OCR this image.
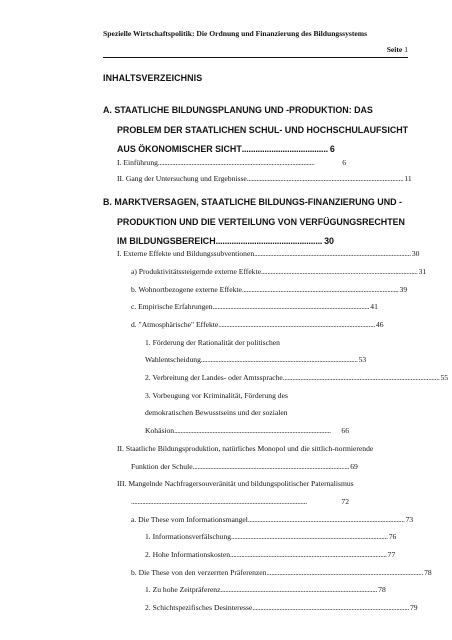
Spezielle Wirtschaftspolitik: Die Ordnung und Finanzierung des Bildungssystems
Seite 1
INHALTSVERZEICHNIS
A. STAATLICHE BILDUNGSPLANUNG UND -PRODUKTION: DAS
PROBLEM DER STAATLICHEN SCHUL- UND HOCHSCHULAUFSICHT
AUS ÖKONOMISCHER SICHT ...................................... 6
B. MARKTVERSAGEN, STAATLICHE BILDUNGS-FINANZIERUNG UND -
PRODUKTION UND DIE VERTEILUNG VON VERFÜGUNGSRECHTEN
IM BILDUNGSBEREICH ............................................... 30
I. Einführung ..................................................................................................	6
II. Gang der Untersuchung und Ergebnisse .................................................................................................. 11
I. Externe Effekte und Bildungssubventionen .................................................................................................. 30
a) Produktivitätssteigernde externe Effekte .................................................................................................. 31
b. Wohnortbezogene externe Effekte .................................................................................................. 39
c. Empirische Erfahrungen .................................................................................................. 41
d. "Atmosphärische" Effekte .................................................................................................. 46
1. Förderung der Rationalität der politischen
Wahlentscheidung .................................................................................................. 53
2. Verbreitung der Landes- oder Amtssprache .................................................................................................. 55
3. Vorbeugung vor Kriminalität, Förderung des
demokratischen Bewusstseins und der sozialen
Kohäsion ..................................................................................................	66
II. Staatliche Bildungsproduktion, natürliches Monopol und die sittlich-normierende
Funktion der Schule .................................................................................................. 69
III. Mangelnde Nachfragersouveränität und bildungspolitischer Paternalismus
..............................................................................................................	72
a. Die These vom Informationsmangel .................................................................................................. 73
1. Informationsverfälschung .................................................................................................. 76
2. Hohe Informationskosten .................................................................................................. 77
b. Die These von den verzerrten Präferenzen .................................................................................................. 78
1. Zu hohe Zeitpräferenz .................................................................................................. 78
2. Schichtspezifisches Desinteresse .................................................................................................. 79
